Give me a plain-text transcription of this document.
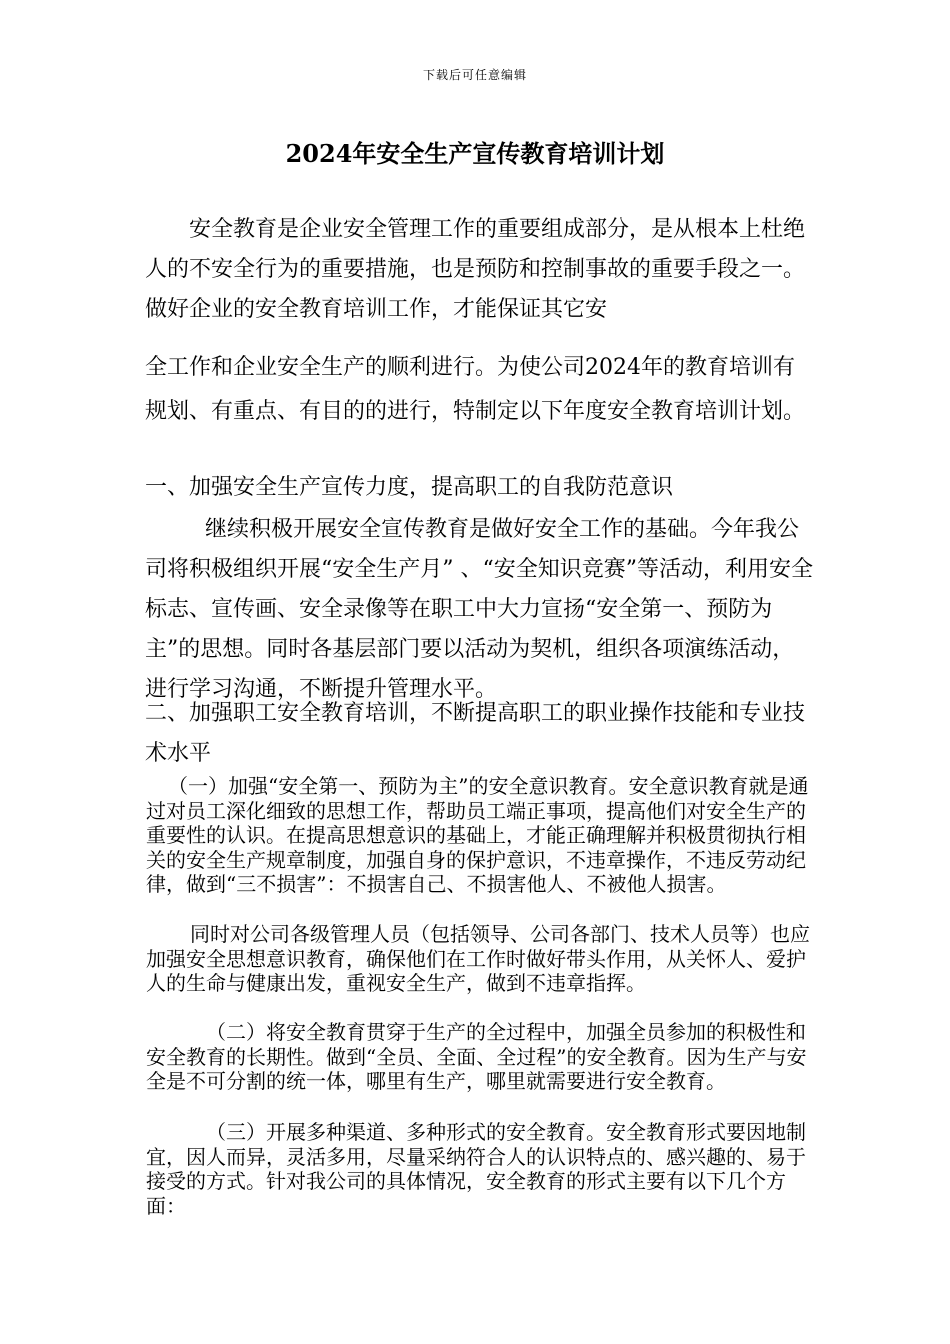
下载后可任意编辑
2024年安全生产宣传教育培训计划

安全教育是企业安全管理工作的重要组成部分，是从根本上杜绝人的不安全行为的重要措施，也是预防和控制事故的重要手段之一。做好企业的安全教育培训工作，才能保证其它安

全工作和企业安全生产的顺利进行。为使公司2024年的教育培训有规划、有重点、有目的的进行，特制定以下年度安全教育培训计划。

一、加强安全生产宣传力度，提高职工的自我防范意识

继续积极开展安全宣传教育是做好安全工作的基础。今年我公司将积极组织开展“安全生产月” 、“安全知识竞赛”等活动，利用安全标志、宣传画、安全录像等在职工中大力宣扬“安全第一、预防为主”的思想。同时各基层部门要以活动为契机，组织各项演练活动，进行学习沟通，不断提升管理水平。

二、加强职工安全教育培训，不断提高职工的职业操作技能和专业技术水平

（一）加强“安全第一、预防为主”的安全意识教育。安全意识教育就是通过对员工深化细致的思想工作，帮助员工端正事项，提高他们对安全生产的重要性的认识。在提高思想意识的基础上，才能正确理解并积极贯彻执行相关的安全生产规章制度，加强自身的保护意识，不违章操作，不违反劳动纪律，做到“三不损害”：不损害自己、不损害他人、不被他人损害。

同时对公司各级管理人员（包括领导、公司各部门、技术人员等）也应加强安全思想意识教育，确保他们在工作时做好带头作用，从关怀人、爱护人的生命与健康出发，重视安全生产，做到不违章指挥。

（二）将安全教育贯穿于生产的全过程中，加强全员参加的积极性和安全教育的长期性。做到“全员、全面、全过程”的安全教育。因为生产与安全是不可分割的统一体，哪里有生产，哪里就需要进行安全教育。

（三）开展多种渠道、多种形式的安全教育。安全教育形式要因地制宜，因人而异，灵活多用，尽量采纳符合人的认识特点的、感兴趣的、易于接受的方式。针对我公司的具体情况，安全教育的形式主要有以下几个方面：
